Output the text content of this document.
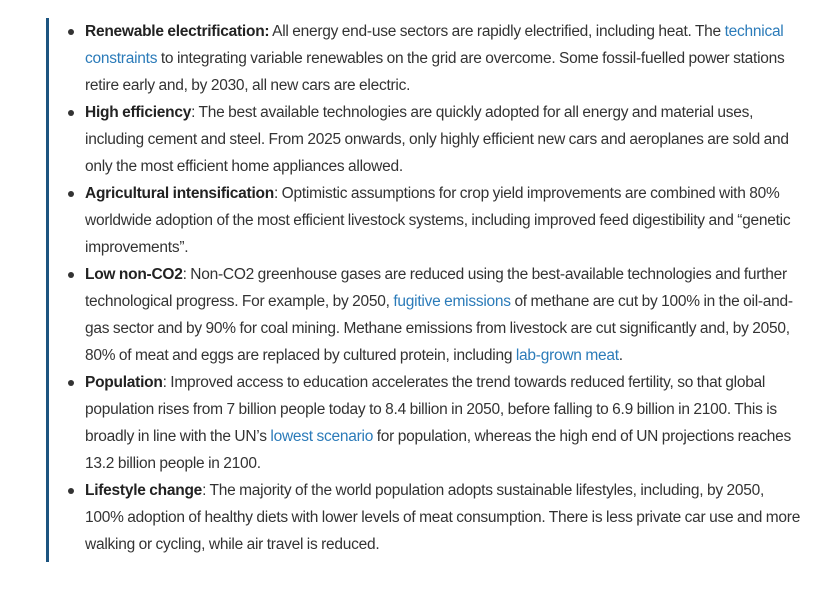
Renewable electrification: All energy end-use sectors are rapidly electrified, including heat. The technical constraints to integrating variable renewables on the grid are overcome. Some fossil-fuelled power stations retire early and, by 2030, all new cars are electric.
High efficiency: The best available technologies are quickly adopted for all energy and material uses, including cement and steel. From 2025 onwards, only highly efficient new cars and aeroplanes are sold and only the most efficient home appliances allowed.
Agricultural intensification: Optimistic assumptions for crop yield improvements are combined with 80% worldwide adoption of the most efficient livestock systems, including improved feed digestibility and “genetic improvements”.
Low non-CO2: Non-CO2 greenhouse gases are reduced using the best-available technologies and further technological progress. For example, by 2050, fugitive emissions of methane are cut by 100% in the oil-and-gas sector and by 90% for coal mining. Methane emissions from livestock are cut significantly and, by 2050, 80% of meat and eggs are replaced by cultured protein, including lab-grown meat.
Population: Improved access to education accelerates the trend towards reduced fertility, so that global population rises from 7 billion people today to 8.4 billion in 2050, before falling to 6.9 billion in 2100. This is broadly in line with the UN’s lowest scenario for population, whereas the high end of UN projections reaches 13.2 billion people in 2100.
Lifestyle change: The majority of the world population adopts sustainable lifestyles, including, by 2050, 100% adoption of healthy diets with lower levels of meat consumption. There is less private car use and more walking or cycling, while air travel is reduced.
